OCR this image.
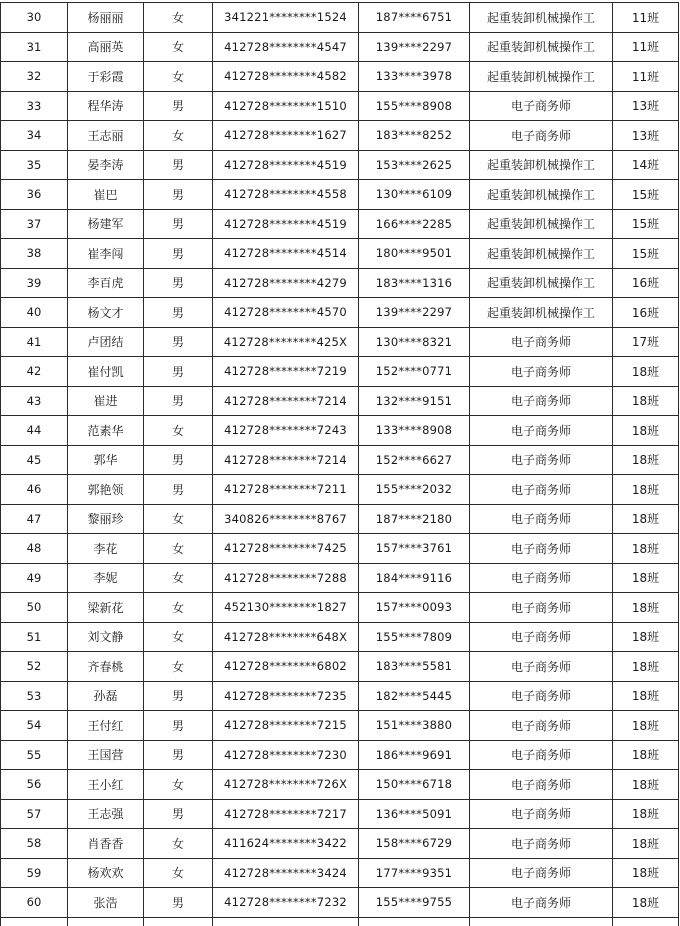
30	杨丽丽	女	341221********1524	187****6751	起重装卸机械操作工	11班
31	高丽英	女	412728********4547	139****2297	起重装卸机械操作工	11班
32	于彩霞	女	412728********4582	133****3978	起重装卸机械操作工	11班
33	程华涛	男	412728********1510	155****8908	电子商务师	13班
34	王志丽	女	412728********1627	183****8252	电子商务师	13班
35	晏李涛	男	412728********4519	153****2625	起重装卸机械操作工	14班
36	崔巴	男	412728********4558	130****6109	起重装卸机械操作工	15班
37	杨建军	男	412728********4519	166****2285	起重装卸机械操作工	15班
38	崔李闯	男	412728********4514	180****9501	起重装卸机械操作工	15班
39	李百虎	男	412728********4279	183****1316	起重装卸机械操作工	16班
40	杨文才	男	412728********4570	139****2297	起重装卸机械操作工	16班
41	卢团结	男	412728********425X	130****8321	电子商务师	17班
42	崔付凯	男	412728********7219	152****0771	电子商务师	18班
43	崔进	男	412728********7214	132****9151	电子商务师	18班
44	范素华	女	412728********7243	133****8908	电子商务师	18班
45	郭华	男	412728********7214	152****6627	电子商务师	18班
46	郭艳领	男	412728********7211	155****2032	电子商务师	18班
47	黎丽珍	女	340826********8767	187****2180	电子商务师	18班
48	李花	女	412728********7425	157****3761	电子商务师	18班
49	李妮	女	412728********7288	184****9116	电子商务师	18班
50	梁新花	女	452130********1827	157****0093	电子商务师	18班
51	刘文静	女	412728********648X	155****7809	电子商务师	18班
52	齐春桃	女	412728********6802	183****5581	电子商务师	18班
53	孙磊	男	412728********7235	182****5445	电子商务师	18班
54	王付红	男	412728********7215	151****3880	电子商务师	18班
55	王国营	男	412728********7230	186****9691	电子商务师	18班
56	王小红	女	412728********726X	150****6718	电子商务师	18班
57	王志强	男	412728********7217	136****5091	电子商务师	18班
58	肖香香	女	411624********3422	158****6729	电子商务师	18班
59	杨欢欢	女	412728********3424	177****9351	电子商务师	18班
60	张浩	男	412728********7232	155****9755	电子商务师	18班
